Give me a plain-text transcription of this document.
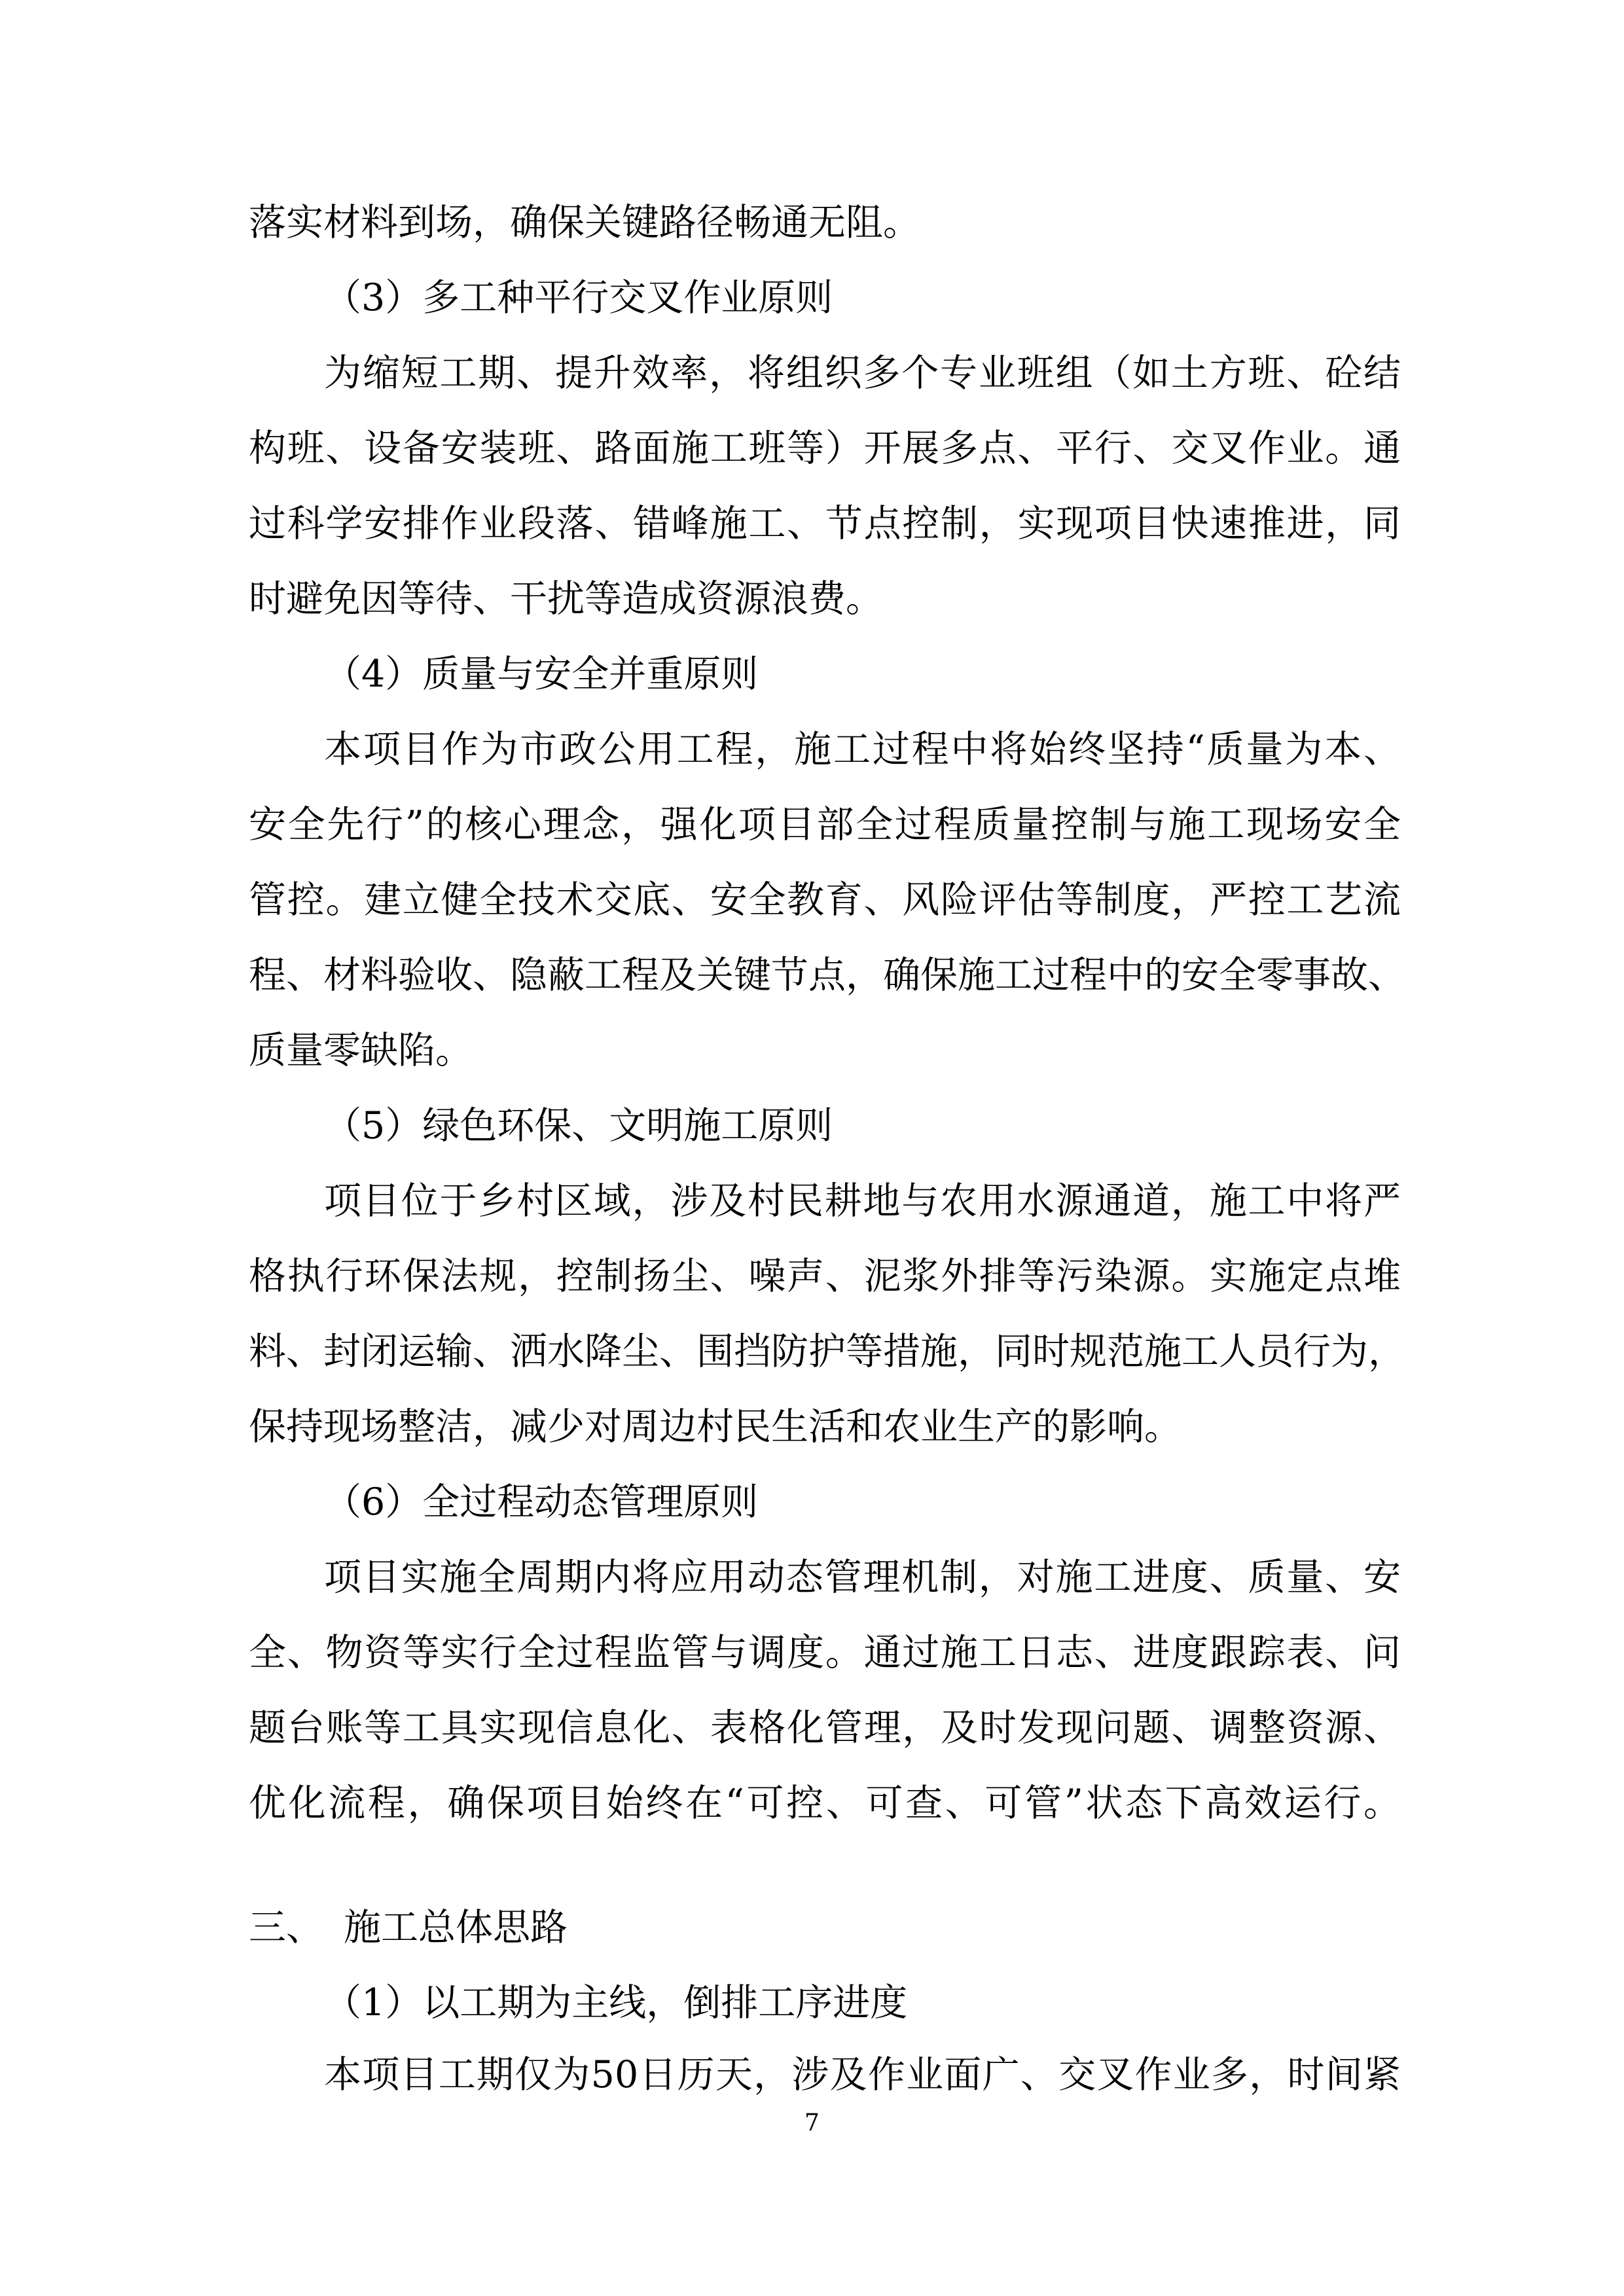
落实材料到场，确保关键路径畅通无阻。
（3）多工种平行交叉作业原则
为缩短工期、提升效率，将组织多个专业班组（如土方班、砼结
构班、设备安装班、路面施工班等）开展多点、平行、交叉作业。通
过科学安排作业段落、错峰施工、节点控制，实现项目快速推进，同
时避免因等待、干扰等造成资源浪费。
（4）质量与安全并重原则
本项目作为市政公用工程，施工过程中将始终坚持“质量为本、
安全先行”的核心理念，强化项目部全过程质量控制与施工现场安全
管控。建立健全技术交底、安全教育、风险评估等制度，严控工艺流
程、材料验收、隐蔽工程及关键节点，确保施工过程中的安全零事故、
质量零缺陷。
（5）绿色环保、文明施工原则
项目位于乡村区域，涉及村民耕地与农用水源通道，施工中将严
格执行环保法规，控制扬尘、噪声、泥浆外排等污染源。实施定点堆
料、封闭运输、洒水降尘、围挡防护等措施，同时规范施工人员行为，
保持现场整洁，减少对周边村民生活和农业生产的影响。
（6）全过程动态管理原则
项目实施全周期内将应用动态管理机制，对施工进度、质量、安
全、物资等实行全过程监管与调度。通过施工日志、进度跟踪表、问
题台账等工具实现信息化、表格化管理，及时发现问题、调整资源、
优化流程，确保项目始终在“可控、可查、可管”状态下高效运行。
三、 施工总体思路
（1）以工期为主线，倒排工序进度
本项目工期仅为50日历天，涉及作业面广、交叉作业多，时间紧
7
